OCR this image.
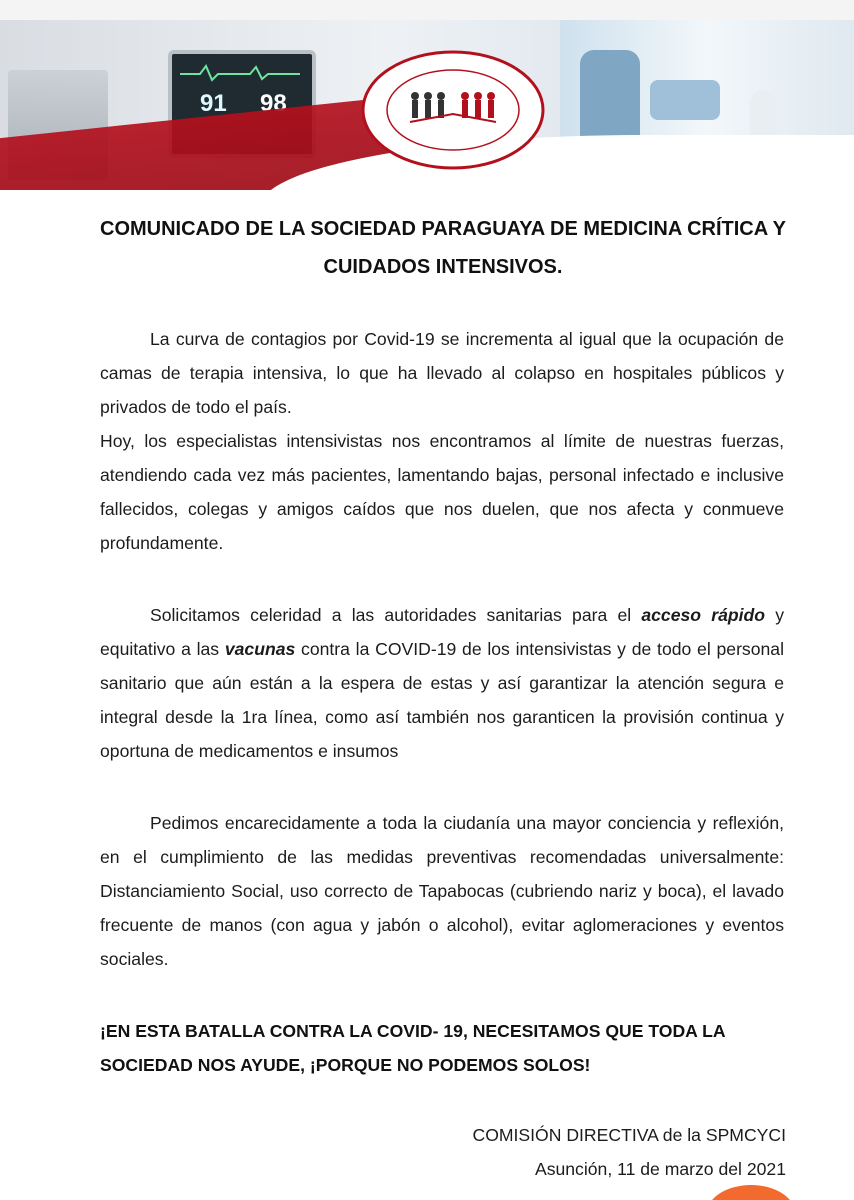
91 98
COMUNICADO DE LA SOCIEDAD PARAGUAYA DE MEDICINA CRÍTICA Y CUIDADOS INTENSIVOS.
La curva de contagios por Covid-19 se incrementa al igual que la ocupación de camas de terapia intensiva, lo que ha llevado al colapso en hospitales públicos y privados de todo el país.
Hoy, los especialistas intensivistas nos encontramos al límite de nuestras fuerzas, atendiendo cada vez más pacientes, lamentando bajas, personal infectado e inclusive fallecidos, colegas y amigos caídos que nos duelen, que nos afecta y conmueve profundamente.
Solicitamos celeridad a las autoridades sanitarias para el acceso rápido y equitativo a las vacunas contra la COVID-19 de los intensivistas y de todo el personal sanitario que aún están a la espera de estas y así garantizar la atención segura e integral desde la 1ra línea, como así también nos garanticen la provisión continua y oportuna de medicamentos e insumos
Pedimos encarecidamente a toda la ciudanía una mayor conciencia y reflexión, en el cumplimiento de las medidas preventivas recomendadas universalmente: Distanciamiento Social, uso correcto de Tapabocas (cubriendo nariz y boca), el lavado frecuente de manos (con agua y jabón o alcohol), evitar aglomeraciones y eventos sociales.
¡EN ESTA BATALLA CONTRA LA COVID- 19, NECESITAMOS QUE TODA LA SOCIEDAD NOS AYUDE, ¡PORQUE NO PODEMOS SOLOS!
COMISIÓN DIRECTIVA de la SPMCYCI
Asunción, 11 de marzo del 2021
